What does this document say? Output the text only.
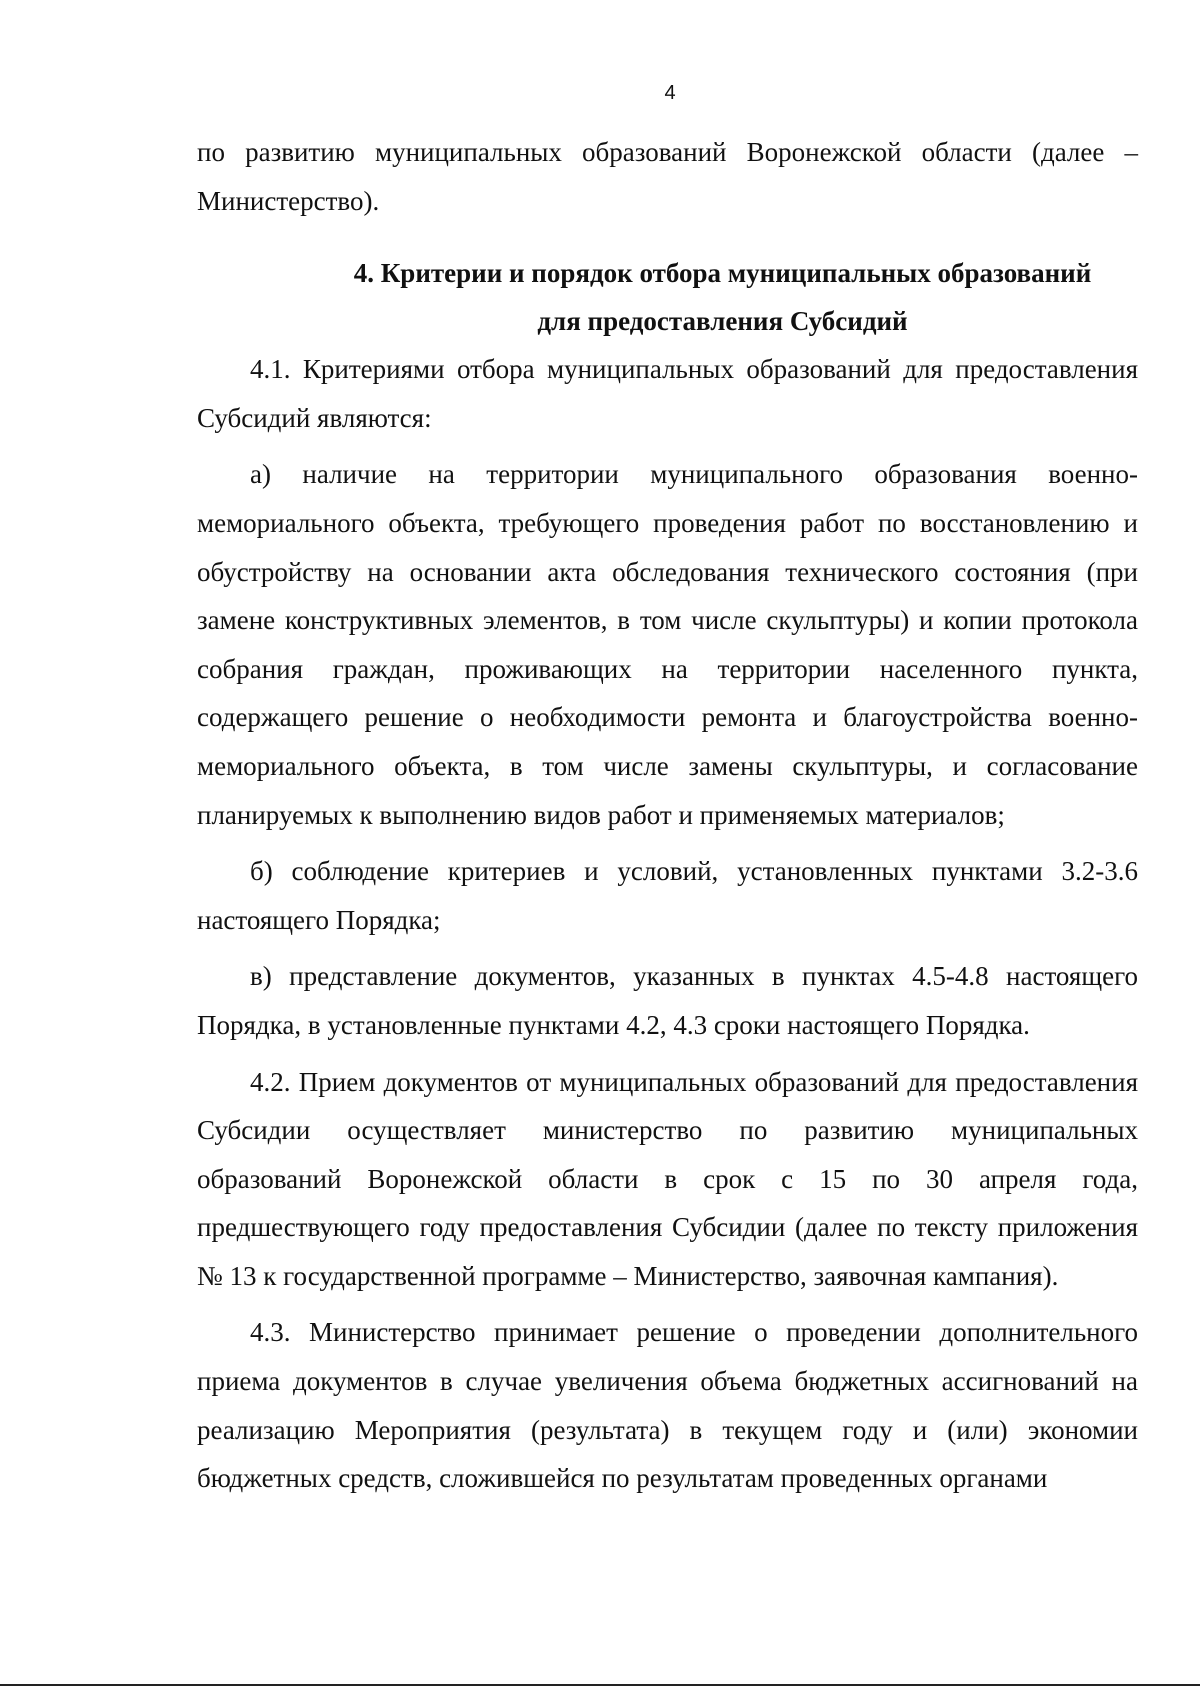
4

по развитию муниципальных образований Воронежской области (далее – Министерство).

4. Критерии и порядок отбора муниципальных образований

для предоставления Субсидий

4.1. Критериями отбора муниципальных образований для предоставления Субсидий являются:

а) наличие на территории муниципального образования военно-мемориального объекта, требующего проведения работ по восстановлению и обустройству на основании акта обследования технического состояния (при замене конструктивных элементов, в том числе скульптуры) и копии протокола собрания граждан, проживающих на территории населенного пункта, содержащего решение о необходимости ремонта и благоустройства военно-мемориального объекта, в том числе замены скульптуры, и согласование планируемых к выполнению видов работ и применяемых материалов;

б) соблюдение критериев и условий, установленных пунктами 3.2-3.6 настоящего Порядка;

в) представление документов, указанных в пунктах 4.5-4.8 настоящего Порядка, в установленные пунктами 4.2, 4.3 сроки настоящего Порядка.

4.2. Прием документов от муниципальных образований для предоставления Субсидии осуществляет министерство по развитию муниципальных образований Воронежской области в срок с 15 по 30 апреля года, предшествующего году предоставления Субсидии (далее по тексту приложения № 13 к государственной программе – Министерство, заявочная кампания).

4.3. Министерство принимает решение о проведении дополнительного приема документов в случае увеличения объема бюджетных ассигнований на реализацию Мероприятия (результата) в текущем году и (или) экономии бюджетных средств, сложившейся по результатам проведенных органами
